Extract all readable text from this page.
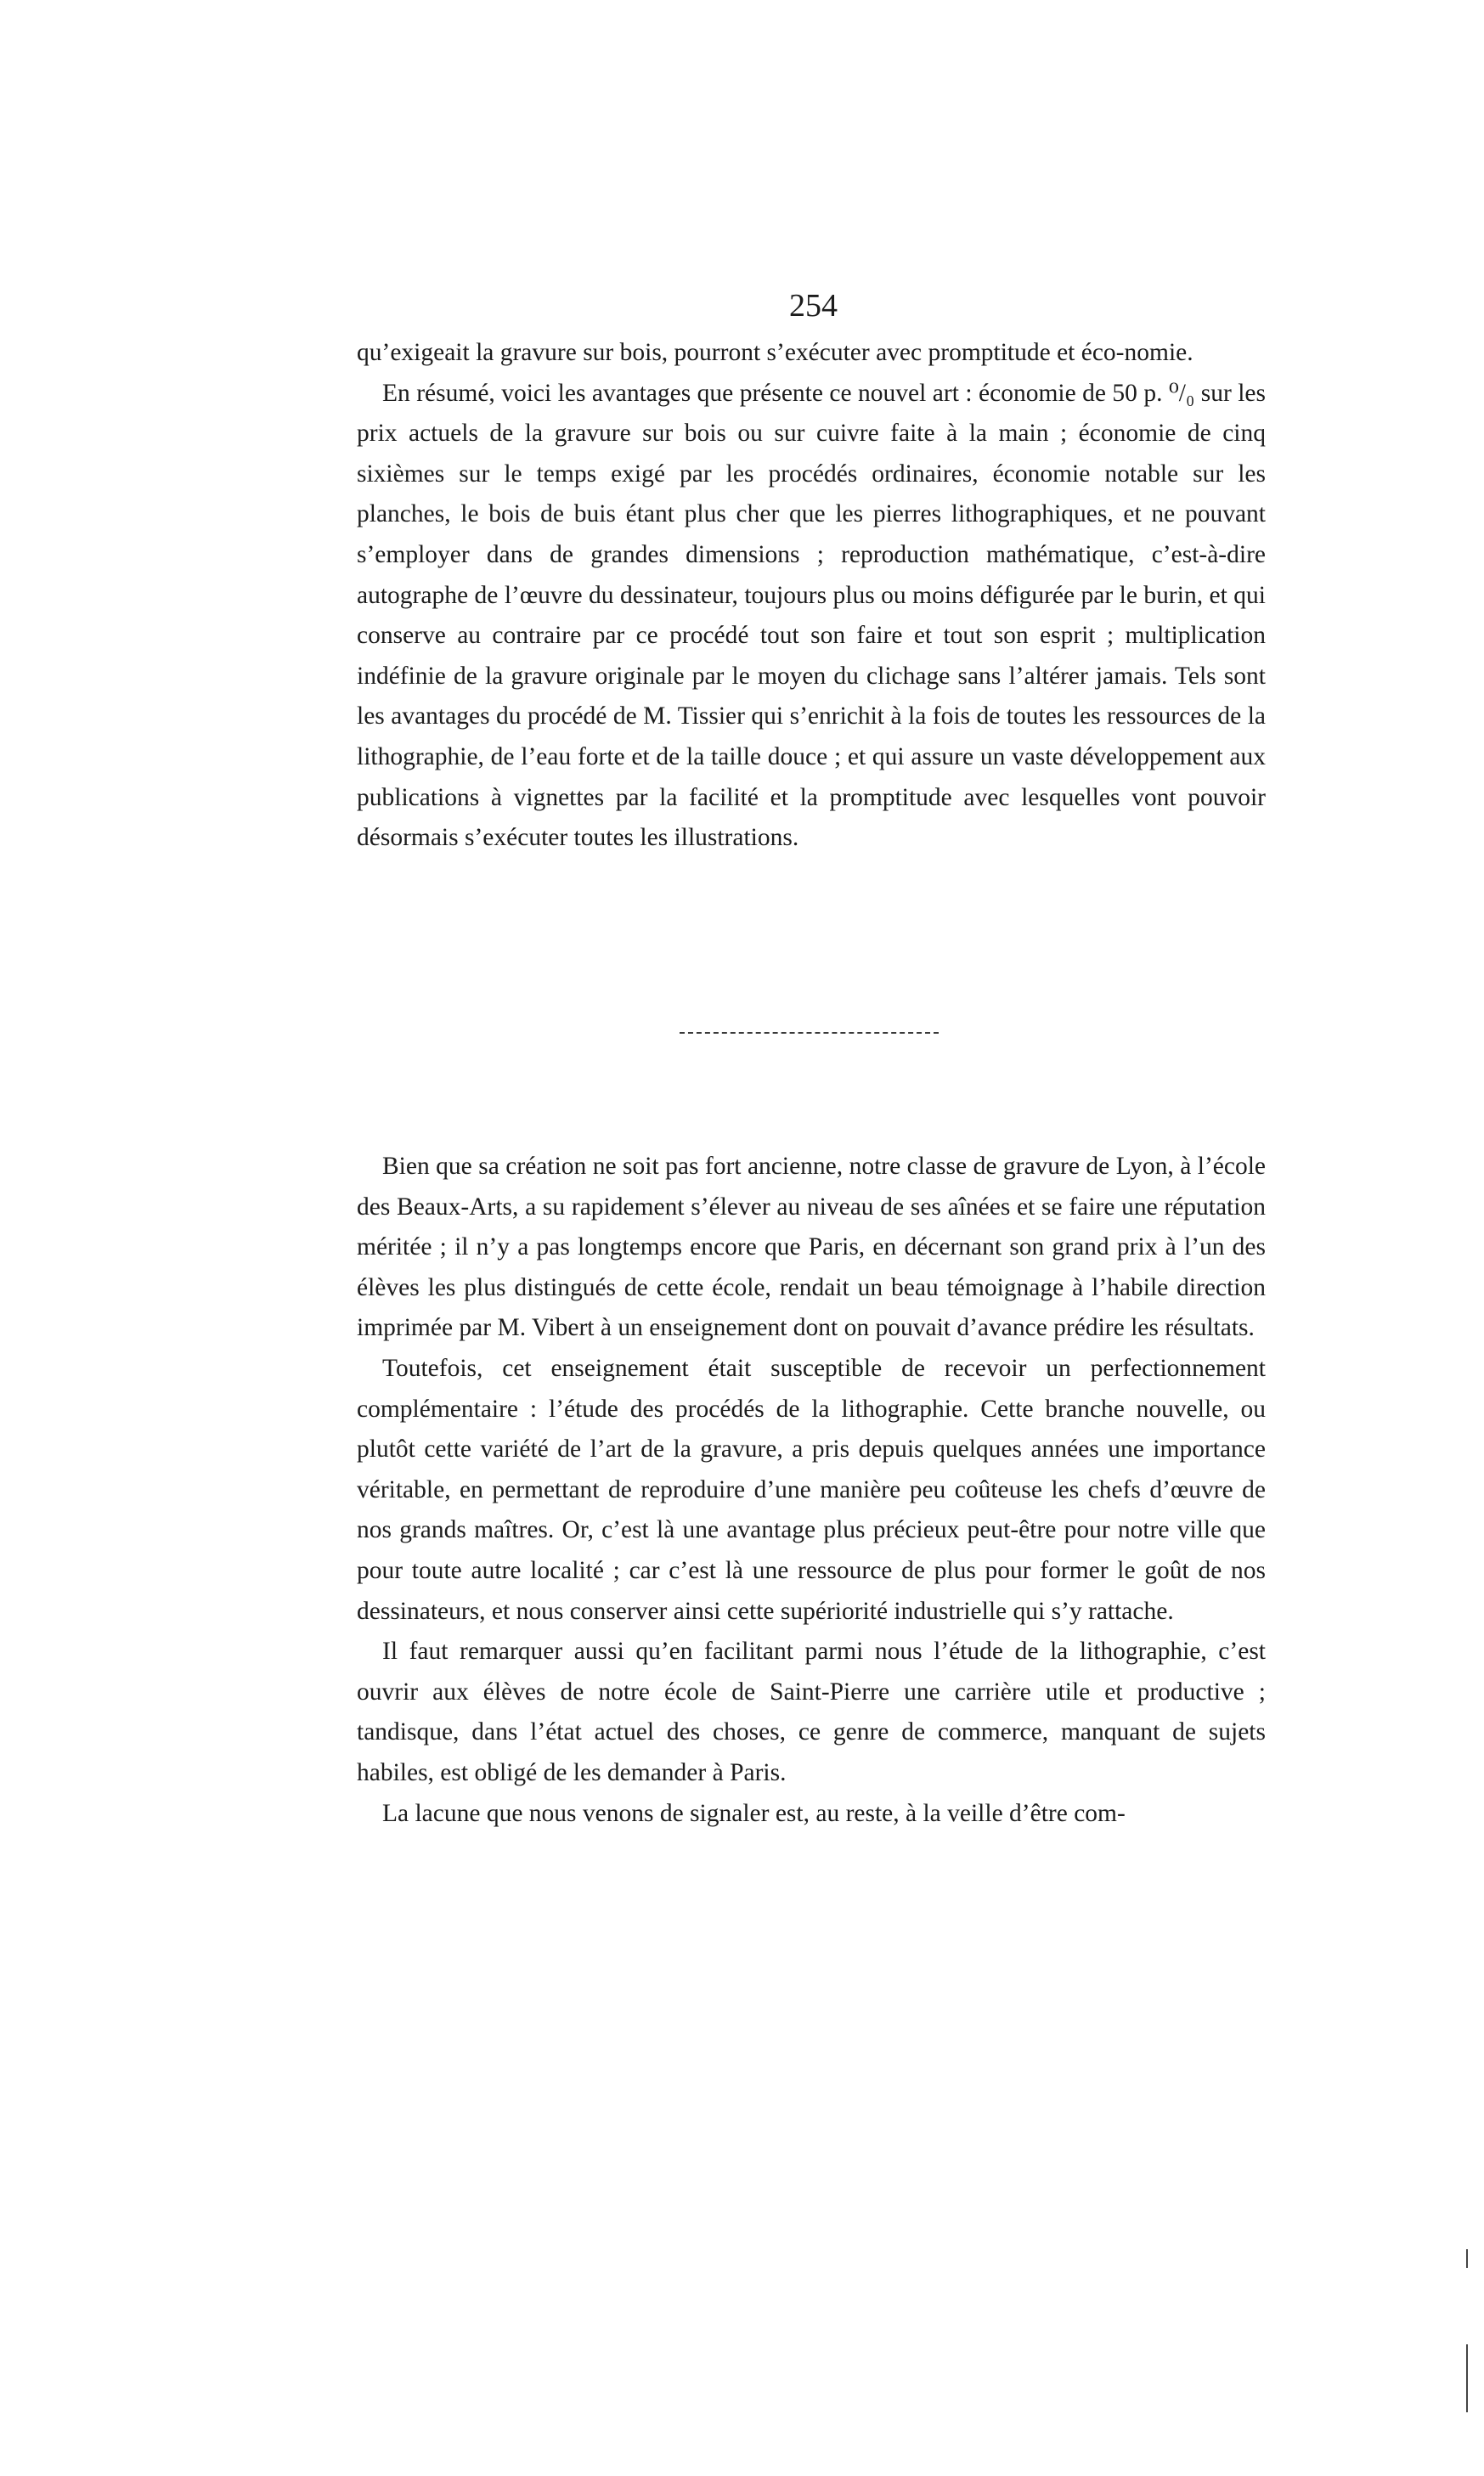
254

qu’exigeait la gravure sur bois, pourront s’exécuter avec promptitude et éco-nomie.

En résumé, voici les avantages que présente ce nouvel art : économie de 50 p. ⁰/₀ sur les prix actuels de la gravure sur bois ou sur cuivre faite à la main ; économie de cinq sixièmes sur le temps exigé par les procédés ordinaires, économie notable sur les planches, le bois de buis étant plus cher que les pierres lithographiques, et ne pouvant s’employer dans de grandes dimensions ; reproduction mathématique, c’est-à-dire autographe de l’œuvre du dessinateur, toujours plus ou moins défigurée par le burin, et qui conserve au contraire par ce procédé tout son faire et tout son esprit ; multiplication indéfinie de la gravure originale par le moyen du clichage sans l’altérer jamais. Tels sont les avantages du procédé de M. Tissier qui s’enrichit à la fois de toutes les ressources de la lithographie, de l’eau forte et de la taille douce ; et qui assure un vaste développement aux publications à vignettes par la facilité et la promptitude avec lesquelles vont pouvoir désormais s’exécuter toutes les illustrations.

Bien que sa création ne soit pas fort ancienne, notre classe de gravure de Lyon, à l’école des Beaux-Arts, a su rapidement s’élever au niveau de ses aînées et se faire une réputation méritée ; il n’y a pas longtemps encore que Paris, en décernant son grand prix à l’un des élèves les plus distingués de cette école, rendait un beau témoignage à l’habile direction imprimée par M. Vibert à un enseignement dont on pouvait d’avance prédire les résultats.

Toutefois, cet enseignement était susceptible de recevoir un perfectionnement complémentaire : l’étude des procédés de la lithographie. Cette branche nouvelle, ou plutôt cette variété de l’art de la gravure, a pris depuis quelques années une importance véritable, en permettant de reproduire d’une manière peu coûteuse les chefs d’œuvre de nos grands maîtres. Or, c’est là une avantage plus précieux peut-être pour notre ville que pour toute autre localité ; car c’est là une ressource de plus pour former le goût de nos dessinateurs, et nous conserver ainsi cette supériorité industrielle qui s’y rattache.

Il faut remarquer aussi qu’en facilitant parmi nous l’étude de la lithographie, c’est ouvrir aux élèves de notre école de Saint-Pierre une carrière utile et productive ; tandisque, dans l’état actuel des choses, ce genre de commerce, manquant de sujets habiles, est obligé de les demander à Paris.

La lacune que nous venons de signaler est, au reste, à la veille d’être com-
